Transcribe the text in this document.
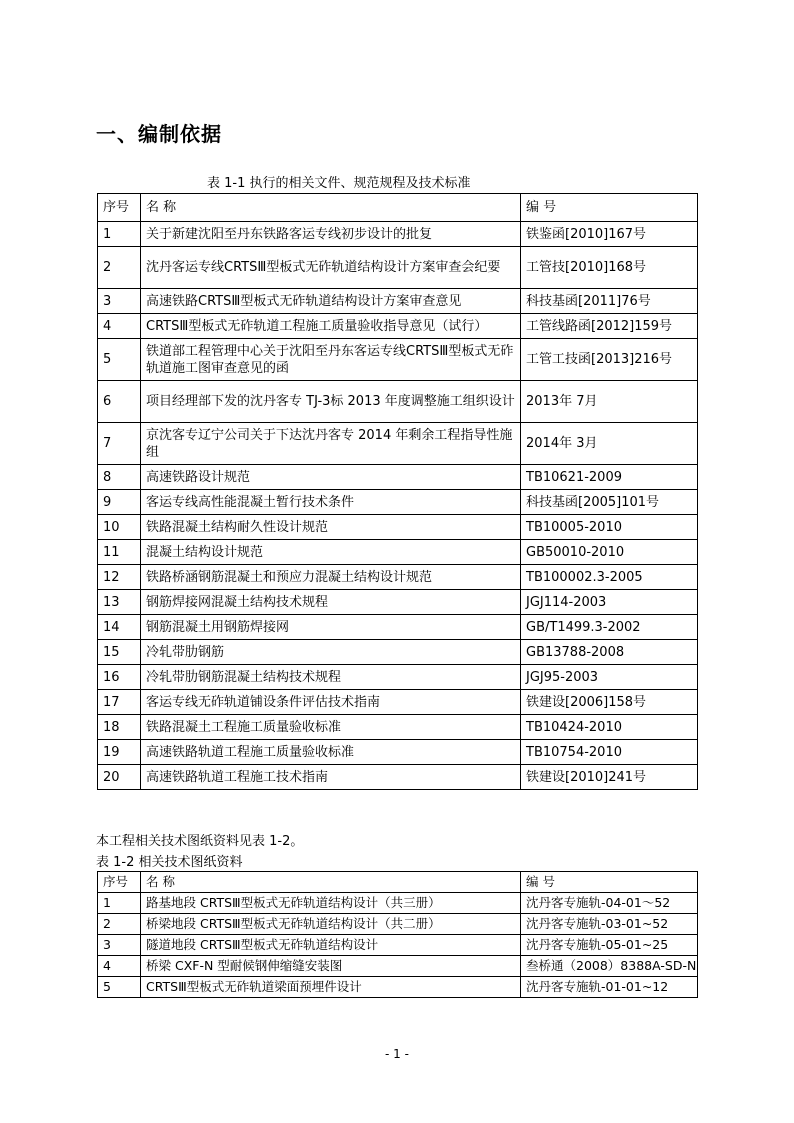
一、编制依据
表 1-1 执行的相关文件、规范规程及技术标准
序号	名 称	编 号
1	关于新建沈阳至丹东铁路客运专线初步设计的批复	铁鉴函[2010]167号
2	沈丹客运专线CRTSⅢ型板式无砟轨道结构设计方案审查会纪要	工管技[2010]168号
3	高速铁路CRTSⅢ型板式无砟轨道结构设计方案审查意见	科技基函[2011]76号
4	CRTSⅢ型板式无砟轨道工程施工质量验收指导意见（试行）	工管线路函[2012]159号
5	铁道部工程管理中心关于沈阳至丹东客运专线CRTSⅢ型板式无砟轨道施工图审查意见的函	工管工技函[2013]216号
6	项目经理部下发的沈丹客专 TJ-3标 2013 年度调整施工组织设计	2013年 7月
7	京沈客专辽宁公司关于下达沈丹客专 2014 年剩余工程指导性施组	2014年 3月
8	高速铁路设计规范	TB10621-2009
9	客运专线高性能混凝土暂行技术条件	科技基函[2005]101号
10	铁路混凝土结构耐久性设计规范	TB10005-2010
11	混凝土结构设计规范	GB50010-2010
12	铁路桥涵钢筋混凝土和预应力混凝土结构设计规范	TB100002.3-2005
13	钢筋焊接网混凝土结构技术规程	JGJ114-2003
14	钢筋混凝土用钢筋焊接网	GB/T1499.3-2002
15	冷轧带肋钢筋	GB13788-2008
16	冷轧带肋钢筋混凝土结构技术规程	JGJ95-2003
17	客运专线无砟轨道铺设条件评估技术指南	铁建设[2006]158号
18	铁路混凝土工程施工质量验收标准	TB10424-2010
19	高速铁路轨道工程施工质量验收标准	TB10754-2010
20	高速铁路轨道工程施工技术指南	铁建设[2010]241号
本工程相关技术图纸资料见表 1-2。
表 1-2 相关技术图纸资料
序号	名 称	编 号
1	路基地段 CRTSⅢ型板式无砟轨道结构设计（共三册）	沈丹客专施轨-04-01～52
2	桥梁地段 CRTSⅢ型板式无砟轨道结构设计（共二册）	沈丹客专施轨-03-01~52
3	隧道地段 CRTSⅢ型板式无砟轨道结构设计	沈丹客专施轨-05-01~25
4	桥梁 CXF-N 型耐候钢伸缩缝安装图	叁桥通（2008）8388A-SD-N
5	CRTSⅢ型板式无砟轨道梁面预埋件设计	沈丹客专施轨-01-01~12
- 1 -
